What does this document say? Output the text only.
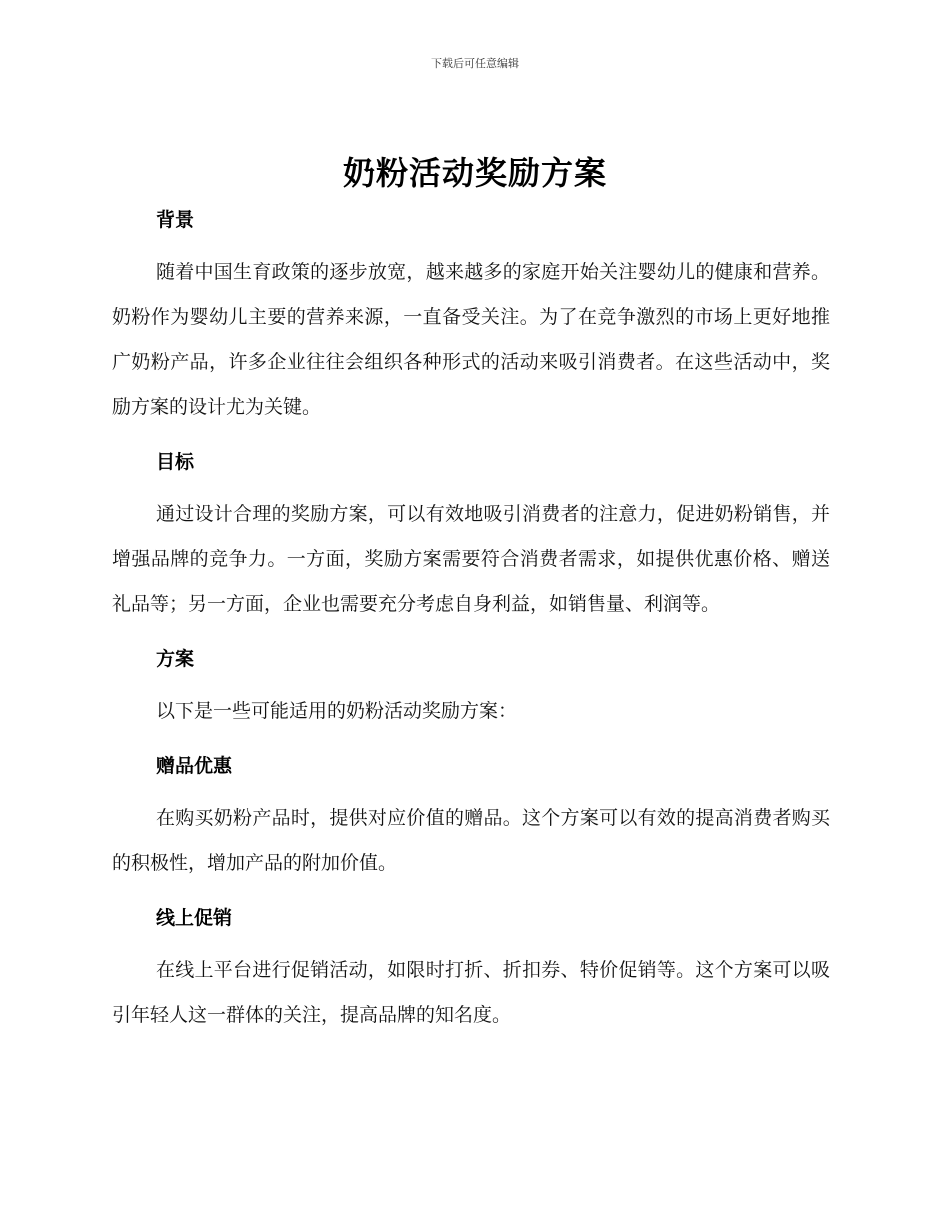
下载后可任意编辑
奶粉活动奖励方案
背景

随着中国生育政策的逐步放宽，越来越多的家庭开始关注婴幼儿的健康和营养。奶粉作为婴幼儿主要的营养来源，一直备受关注。为了在竞争激烈的市场上更好地推广奶粉产品，许多企业往往会组织各种形式的活动来吸引消费者。在这些活动中，奖励方案的设计尤为关键。

目标

通过设计合理的奖励方案，可以有效地吸引消费者的注意力，促进奶粉销售，并增强品牌的竞争力。一方面，奖励方案需要符合消费者需求，如提供优惠价格、赠送礼品等；另一方面，企业也需要充分考虑自身利益，如销售量、利润等。

方案

以下是一些可能适用的奶粉活动奖励方案：

赠品优惠

在购买奶粉产品时，提供对应价值的赠品。这个方案可以有效的提高消费者购买的积极性，增加产品的附加价值。

线上促销

在线上平台进行促销活动，如限时打折、折扣券、特价促销等。这个方案可以吸引年轻人这一群体的关注，提高品牌的知名度。
